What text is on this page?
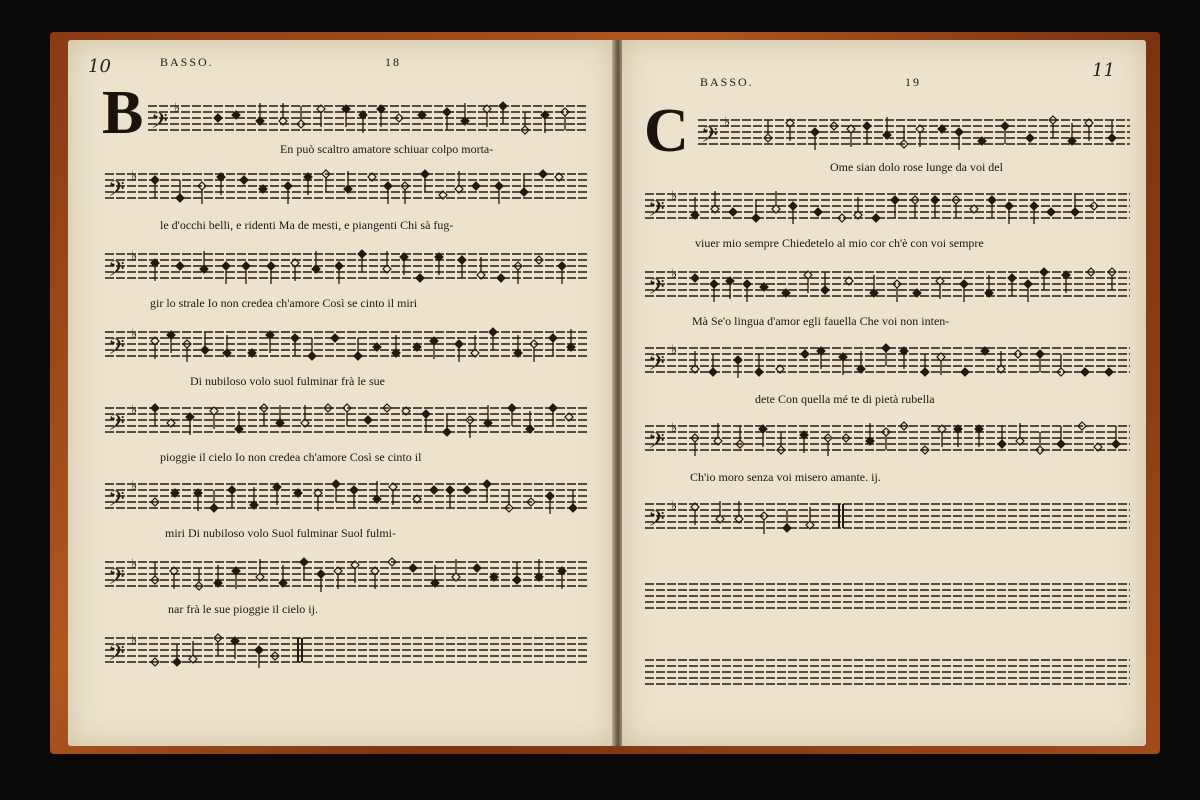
10	BASSO.	18
B 𝄢
♭
En può scaltro amatore schiuar colpo morta-
𝄢
♭
le d'occhi belli, e ridenti Ma de mesti, e piangenti Chi sà fug-
𝄢
♭
gir lo strale Io non credea ch'amore Così se cinto il miri
𝄢
♭
Di nubiloso volo suol fulminar frà le sue
𝄢
♭
pioggie il cielo Io non credea ch'amore Così se cinto il
𝄢
♭
miri Di nubiloso volo Suol fulminar Suol fulmi-
𝄢
♭
nar frà le sue pioggie il cielo ij.
𝄢
♭
BASSO.	19
11
C 𝄢
♭
Ome sian dolo rose lunge da voi del
𝄢
♭
viuer mio sempre Chiedetelo al mio cor ch'è con voi sempre
𝄢
♭
Mà Se'o lingua d'amor egli fauella Che voi non inten-
𝄢
♭
dete Con quella mé te di pietà rubella
𝄢
♭
Ch'io moro senza voi misero amante. ij.
𝄢
♭
